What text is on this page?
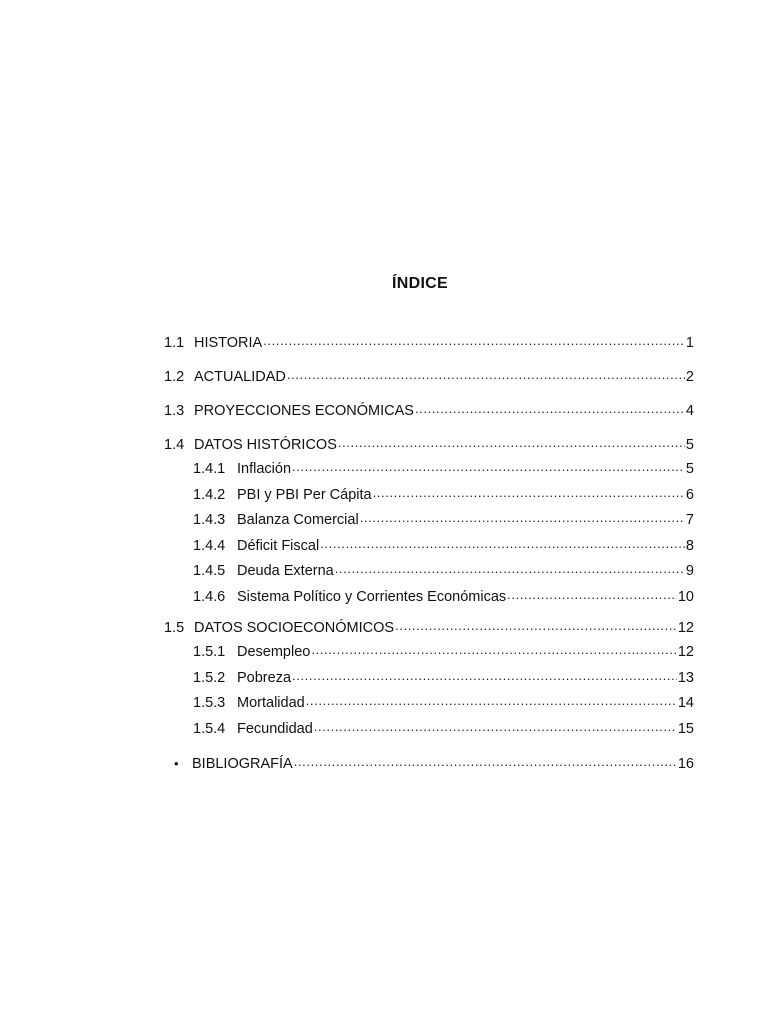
ÍNDICE
1.1 HISTORIA .....	1
1.2 ACTUALIDAD .....	2
1.3 PROYECCIONES ECONÓMICAS .....	4
1.4 DATOS HISTÓRICOS .....	5
1.4.1 Inflación .....	5
1.4.2 PBI y PBI Per Cápita .....	6
1.4.3 Balanza Comercial .....	7
1.4.4 Déficit Fiscal .....	8
1.4.5 Deuda Externa .....	9
1.4.6 Sistema Político y Corrientes Económicas .....	10
1.5 DATOS SOCIOECONÓMICOS .....	12
1.5.1 Desempleo .....	12
1.5.2 Pobreza .....	13
1.5.3 Mortalidad .....	14
1.5.4 Fecundidad .....	15
• BIBLIOGRAFÍA .....	16
